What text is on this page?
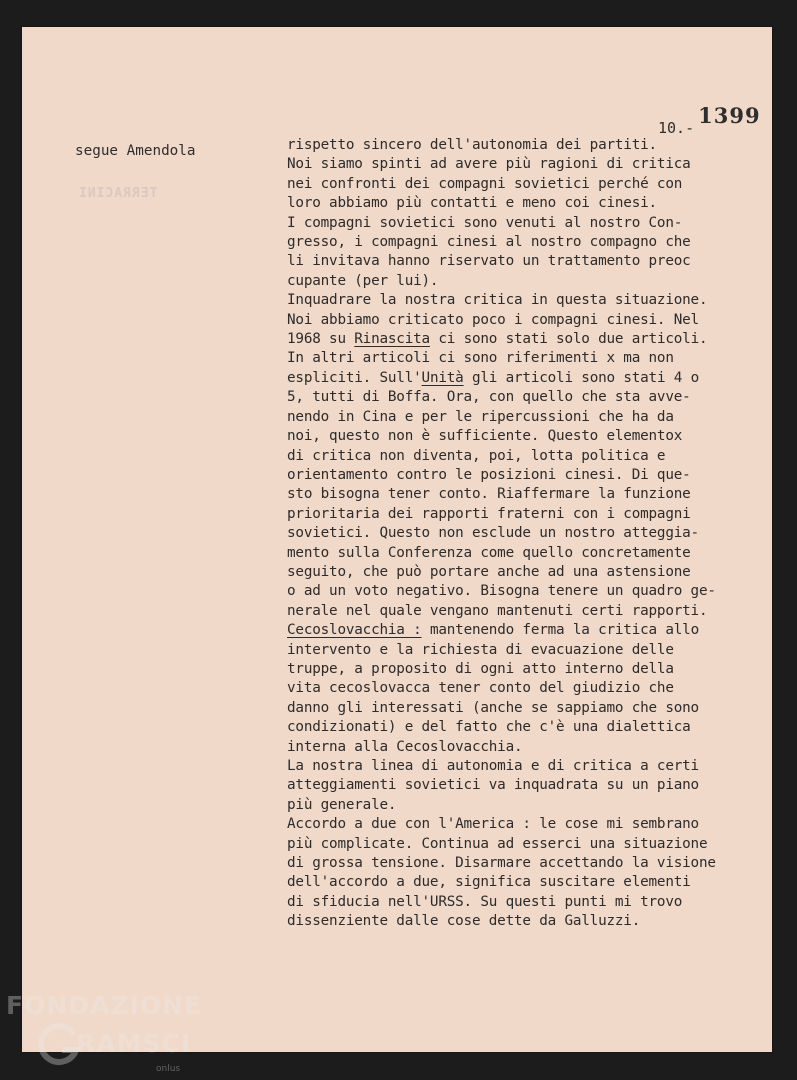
10.- 1399
segue Amendola
TERRACINI
rispetto sincero dell'autonomia dei partiti.
Noi siamo spinti ad avere più ragioni di critica
nei confronti dei compagni sovietici perché con
loro abbiamo più contatti e meno coi cinesi.
I compagni sovietici sono venuti al nostro Con-
gresso, i compagni cinesi al nostro compagno che
li invitava hanno riservato un trattamento preoc
cupante (per lui).
Inquadrare la nostra critica in questa situazione.
Noi abbiamo criticato poco i compagni cinesi. Nel
1968 su Rinascita ci sono stati solo due articoli.
In altri articoli ci sono riferimenti x ma non
espliciti. Sull'Unità gli articoli sono stati 4 o
5, tutti di Boffa. Ora, con quello che sta avve-
nendo in Cina e per le ripercussioni che ha da
noi, questo non è sufficiente. Questo elementox
di critica non diventa, poi, lotta politica e
orientamento contro le posizioni cinesi. Di que-
sto bisogna tener conto. Riaffermare la funzione
prioritaria dei rapporti fraterni con i compagni
sovietici. Questo non esclude un nostro atteggia-
mento sulla Conferenza come quello concretamente
seguito, che può portare anche ad una astensione
o ad un voto negativo. Bisogna tenere un quadro ge-
nerale nel quale vengano mantenuti certi rapporti.
Cecoslovacchia : mantenendo ferma la critica allo
intervento e la richiesta di evacuazione delle
truppe, a proposito di ogni atto interno della
vita cecoslovacca tener conto del giudizio che
danno gli interessati (anche se sappiamo che sono
condizionati) e del fatto che c'è una dialettica
interna alla Cecoslovacchia.
La nostra linea di autonomia e di critica a certi
atteggiamenti sovietici va inquadrata su un piano
più generale.
Accordo a due con l'America : le cose mi sembrano
più complicate. Continua ad esserci una situazione
di grossa tensione. Disarmare accettando la visione
dell'accordo a due, significa suscitare elementi
di sfiducia nell'URSS. Su questi punti mi trovo
dissenziente dalle cose dette da Galluzzi.
FONDAZIONE
RAMSCI
onlus
